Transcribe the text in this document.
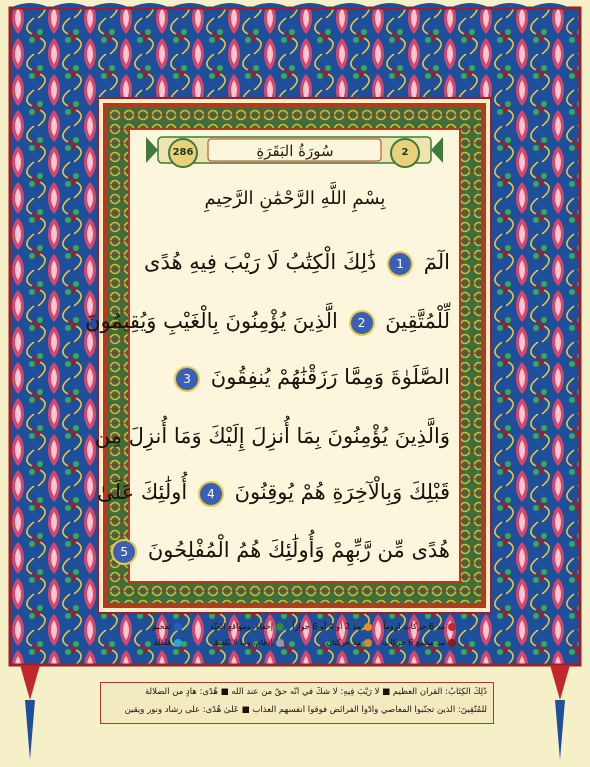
286	سُورَةُ البَقَرَةِ	2
بِسْمِ اللَّهِ الرَّحْمَٰنِ الرَّحِيمِ
الٓمٓ 1 ذَٰلِكَ الْكِتَٰبُ لَا رَيْبَ فِيهِ هُدًى
لِّلْمُتَّقِينَ 2 الَّذِينَ يُؤْمِنُونَ بِالْغَيْبِ وَيُقِيمُونَ
الصَّلَوٰةَ وَمِمَّا رَزَقْنَٰهُمْ يُنفِقُونَ 3
وَالَّذِينَ يُؤْمِنُونَ بِمَا أُنزِلَ إِلَيْكَ وَمَا أُنزِلَ مِن
قَبْلِكَ وَبِالْآخِرَةِ هُمْ يُوقِنُونَ 4 أُولَٰئِكَ عَلَىٰ
هُدًى مِّن رَّبِّهِمْ وَأُولَٰئِكَ هُمُ الْمُفْلِحُونَ 5
مد 6 حركات لزوماً
مد 2 أو 4 أو 6 جوازاً
إخفاء، ومواقع الغنّة
تفخيم
مد مشبع 6 حركات
مد حركتان
إدغام، وما لا يُلفظ
قلقلة
ذَٰلِكَ الْكِتَابُ: القرآن العظيم ■ لَا رَيْبَ فِيهِ: لا شكّ في أنّه حقّ من عند الله ■ هُدًى: هادٍ من الضلالة
لِّلْمُتَّقِينَ: الذين تجنّبوا المعاصي وأدّوا الفرائض فوقوا أنفسهم العذاب ■ عَلَىٰ هُدًى: على رشاد ونور ويقين
